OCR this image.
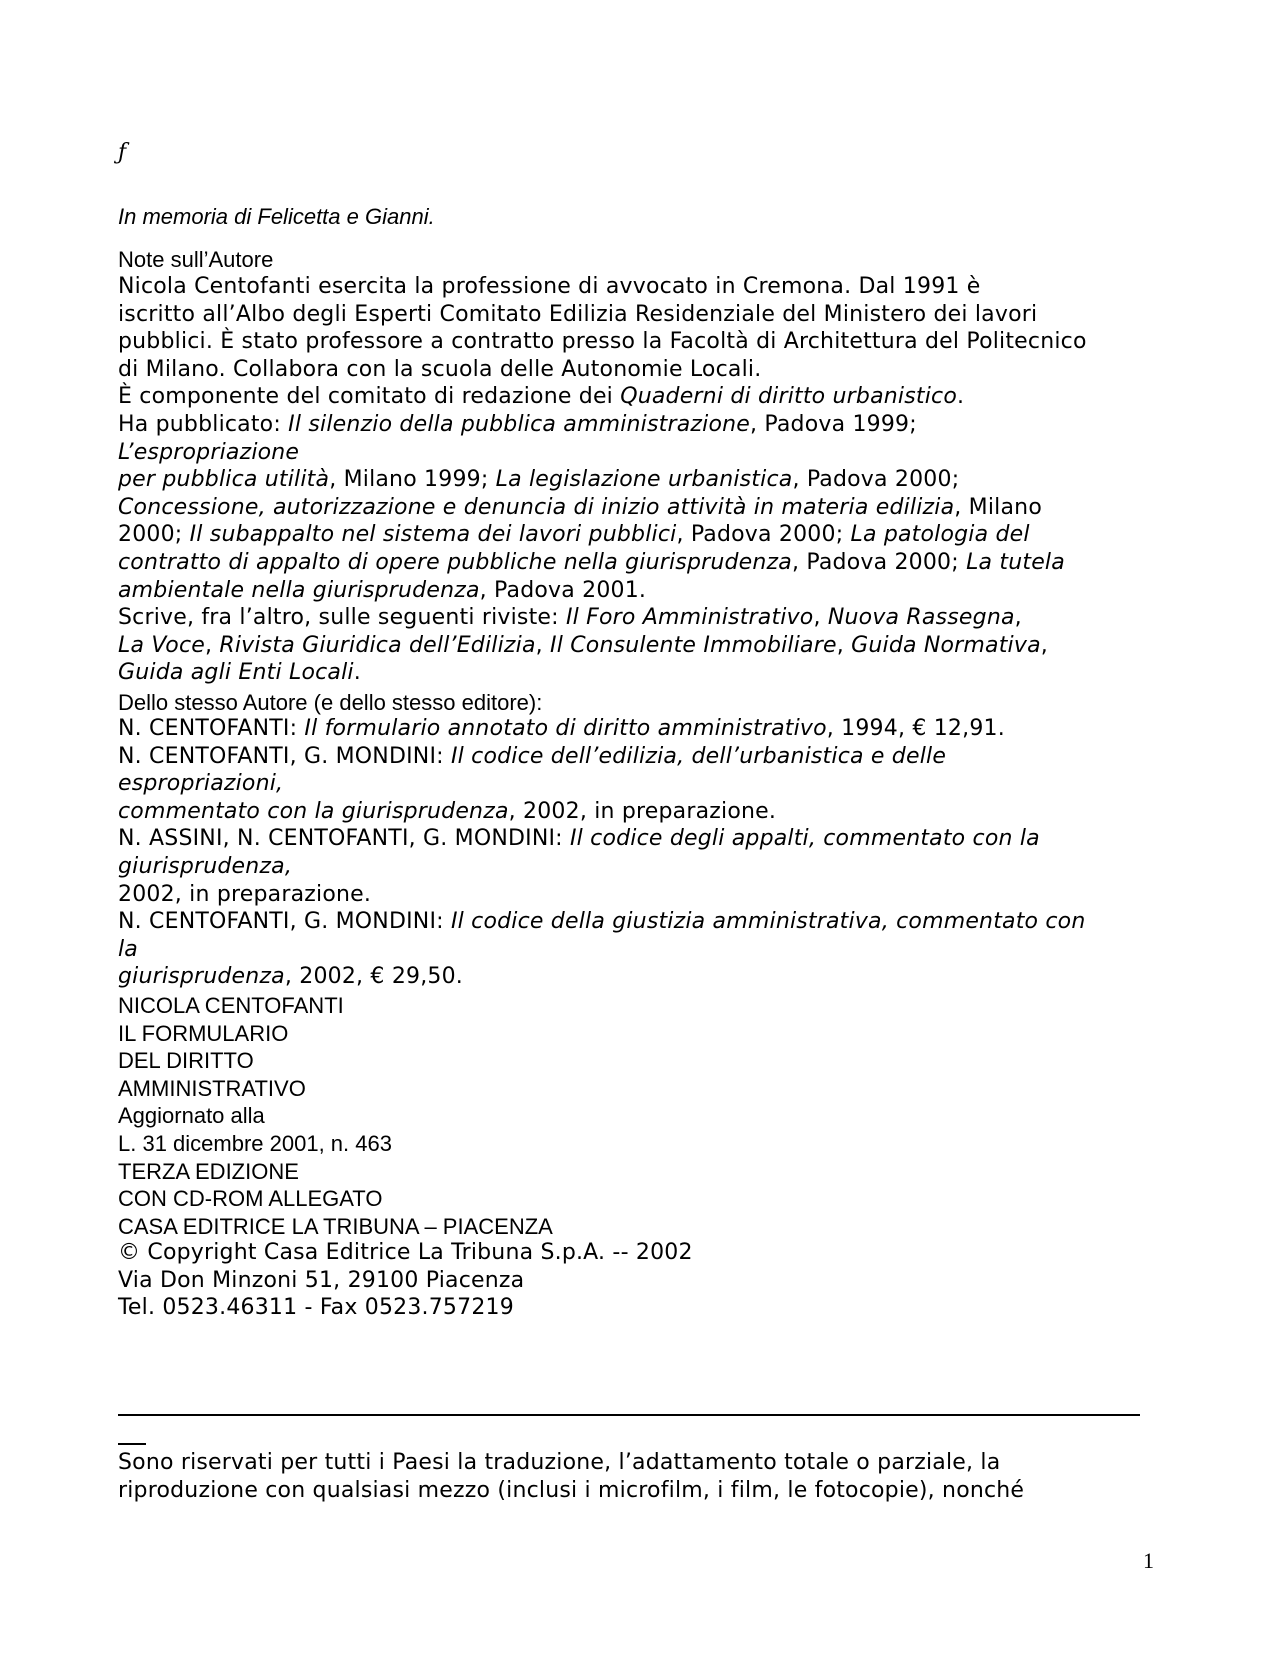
ƒ
In memoria di Felicetta e Gianni.
Note sull’Autore
Nicola Centofanti esercita la professione di avvocato in Cremona. Dal 1991 è
iscritto all’Albo degli Esperti Comitato Edilizia Residenziale del Ministero dei lavori
pubblici. È stato professore a contratto presso la Facoltà di Architettura del Politecnico
di Milano. Collabora con la scuola delle Autonomie Locali.
È componente del comitato di redazione dei Quaderni di diritto urbanistico.
Ha pubblicato: Il silenzio della pubblica amministrazione, Padova 1999;
L’espropriazione
per pubblica utilità, Milano 1999; La legislazione urbanistica, Padova 2000;
Concessione, autorizzazione e denuncia di inizio attività in materia edilizia, Milano
2000; Il subappalto nel sistema dei lavori pubblici, Padova 2000; La patologia del
contratto di appalto di opere pubbliche nella giurisprudenza, Padova 2000; La tutela
ambientale nella giurisprudenza, Padova 2001.
Scrive, fra l’altro, sulle seguenti riviste: Il Foro Amministrativo, Nuova Rassegna,
La Voce, Rivista Giuridica dell’Edilizia, Il Consulente Immobiliare, Guida Normativa,
Guida agli Enti Locali.
Dello stesso Autore (e dello stesso editore):
N. CENTOFANTI: Il formulario annotato di diritto amministrativo, 1994, € 12,91.
N. CENTOFANTI, G. MONDINI: Il codice dell’edilizia, dell’urbanistica e delle
espropriazioni,
commentato con la giurisprudenza, 2002, in preparazione.
N. ASSINI, N. CENTOFANTI, G. MONDINI: Il codice degli appalti, commentato con la
giurisprudenza,
2002, in preparazione.
N. CENTOFANTI, G. MONDINI: Il codice della giustizia amministrativa, commentato con
la
giurisprudenza, 2002, € 29,50.
NICOLA CENTOFANTI
IL FORMULARIO
DEL DIRITTO
AMMINISTRATIVO
Aggiornato alla
L. 31 dicembre 2001, n. 463
TERZA EDIZIONE
CON CD-ROM ALLEGATO
CASA EDITRICE LA TRIBUNA – PIACENZA
© Copyright Casa Editrice La Tribuna S.p.A. -- 2002
Via Don Minzoni 51, 29100 Piacenza
Tel. 0523.46311 - Fax 0523.757219
Sono riservati per tutti i Paesi la traduzione, l’adattamento totale o parziale, la
riproduzione con qualsiasi mezzo (inclusi i microfilm, i film, le fotocopie), nonché
1
